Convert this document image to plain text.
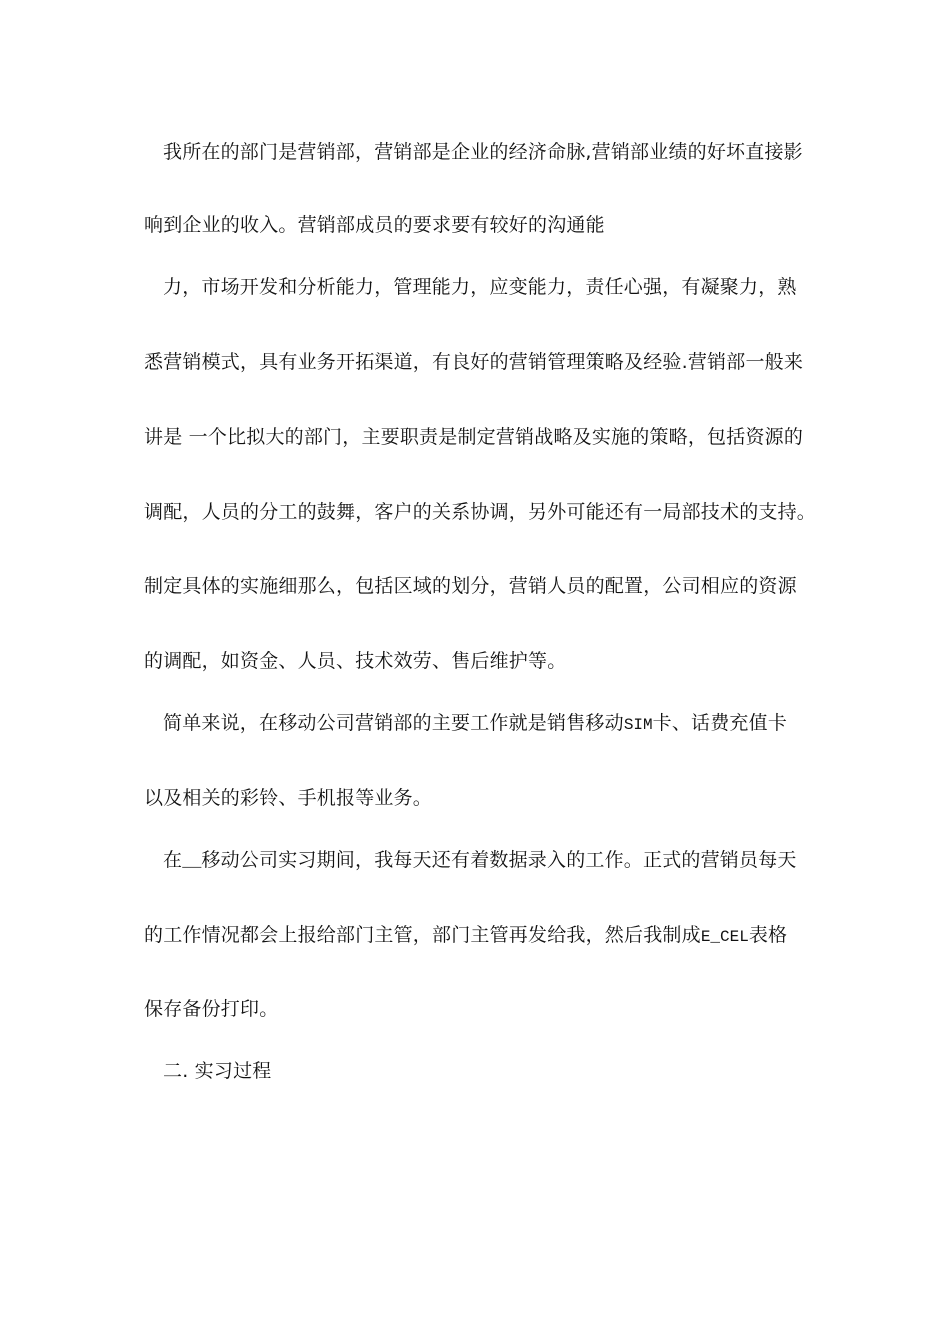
我所在的部门是营销部，营销部是企业的经济命脉,营销部业绩的好坏直接影
响到企业的收入。营销部成员的要求要有较好的沟通能
力，市场开发和分析能力，管理能力，应变能力，责任心强，有凝聚力，熟
悉营销模式，具有业务开拓渠道，有良好的营销管理策略及经验.营销部一般来
讲是 一个比拟大的部门，主要职责是制定营销战略及实施的策略，包括资源的
调配，人员的分工的鼓舞，客户的关系协调，另外可能还有一局部技术的支持。
制定具体的实施细那么，包括区域的划分，营销人员的配置，公司相应的资源
的调配，如资金、人员、技术效劳、售后维护等。
简单来说，在移动公司营销部的主要工作就是销售移动SIM卡、话费充值卡
以及相关的彩铃、手机报等业务。
在__移动公司实习期间，我每天还有着数据录入的工作。正式的营销员每天
的工作情况都会上报给部门主管，部门主管再发给我，然后我制成E_CEL表格
保存备份打印。
二. 实习过程
